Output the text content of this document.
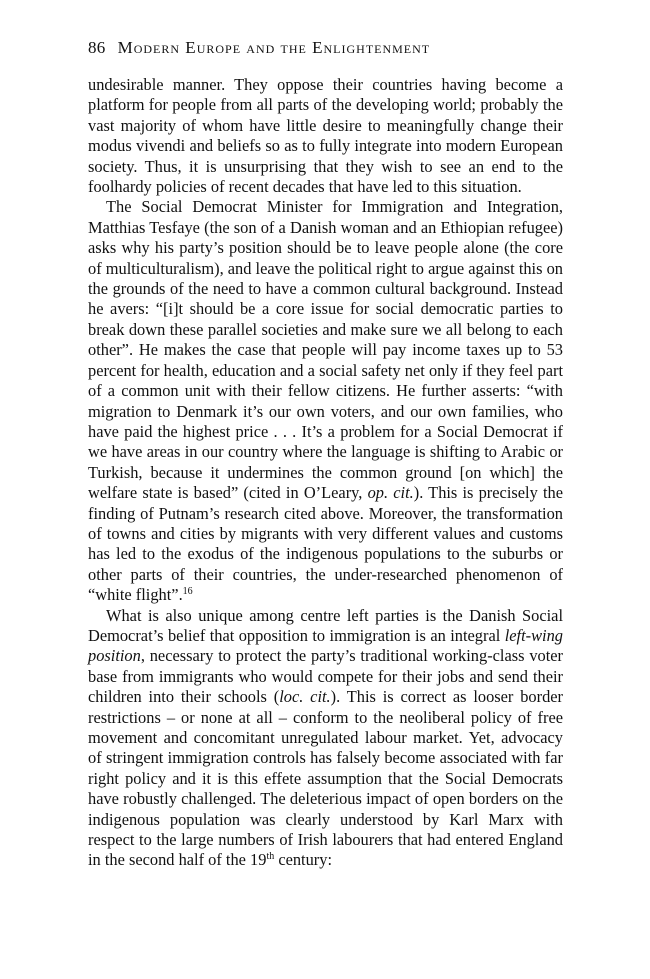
86 Modern Europe and the Enlightenment

undesirable manner. They oppose their countries having become a platform for people from all parts of the developing world; probably the vast majority of whom have little desire to meaningfully change their modus vivendi and beliefs so as to fully integrate into modern European society. Thus, it is unsurprising that they wish to see an end to the foolhardy policies of recent decades that have led to this situation.

The Social Democrat Minister for Immigration and Integration, Matthias Tesfaye (the son of a Danish woman and an Ethiopian refugee) asks why his party’s position should be to leave people alone (the core of multiculturalism), and leave the political right to argue against this on the grounds of the need to have a common cultural background. Instead he avers: “[i]t should be a core issue for social democratic parties to break down these parallel societies and make sure we all belong to each other”. He makes the case that people will pay income taxes up to 53 percent for health, education and a social safety net only if they feel part of a common unit with their fellow citizens. He further asserts: “with migration to Denmark it’s our own voters, and our own families, who have paid the highest price . . . It’s a problem for a Social Democrat if we have areas in our country where the language is shifting to Arabic or Turkish, because it undermines the common ground [on which] the welfare state is based” (cited in O’Leary, op. cit.). This is precisely the finding of Putnam’s research cited above. Moreover, the transformation of towns and cities by migrants with very different values and customs has led to the exodus of the indigenous populations to the suburbs or other parts of their countries, the under-researched phenomenon of “white flight”.$^{16}$

What is also unique among centre left parties is the Danish Social Democrat’s belief that opposition to immigration is an integral left-wing position, necessary to protect the party’s traditional working-class voter base from immigrants who would compete for their jobs and send their children into their schools (loc. cit.). This is correct as looser border restrictions – or none at all – conform to the neoliberal policy of free movement and concomitant unregulated labour market. Yet, advocacy of stringent immigration controls has falsely become associated with far right policy and it is this effete assumption that the Social Democrats have robustly challenged. The deleterious impact of open borders on the indigenous population was clearly understood by Karl Marx with respect to the large numbers of Irish labourers that had entered England in the second half of the 19th century:
